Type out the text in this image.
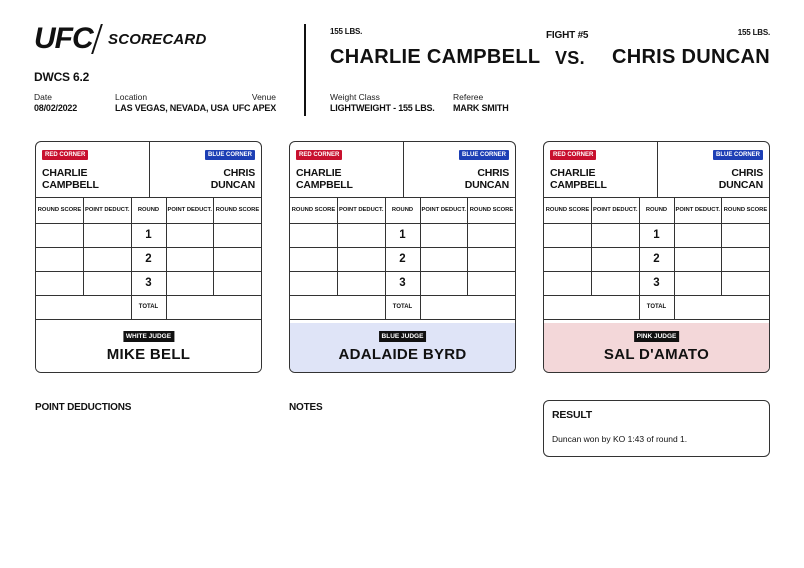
UFC SCORECARD
DWCS 6.2
Date
08/02/2022
Location
LAS VEGAS, NEVADA, USA
Venue
UFC APEX
155 LBS.
CHARLIE CAMPBELL
Weight Class
LIGHTWEIGHT - 155 LBS.
Referee
MARK SMITH
FIGHT #5	155 LBS.
VS.	CHRIS DUNCAN
RED CORNER
CHARLIE
CAMPBELL
BLUE CORNER
CHRIS
DUNCAN
ROUND SCORE	POINT DEDUCT.	ROUND	POINT DEDUCT.	ROUND SCORE
		1		
		2		
		3		
		TOTAL		
WHITE JUDGE
MIKE BELL
RED CORNER
CHARLIE
CAMPBELL
BLUE CORNER
CHRIS
DUNCAN
ROUND SCORE	POINT DEDUCT.	ROUND	POINT DEDUCT.	ROUND SCORE
		1		
		2		
		3		
		TOTAL		
BLUE JUDGE
ADALAIDE BYRD
RED CORNER
CHARLIE
CAMPBELL
BLUE CORNER
CHRIS
DUNCAN
ROUND SCORE	POINT DEDUCT.	ROUND	POINT DEDUCT.	ROUND SCORE
		1		
		2		
		3		
		TOTAL		
PINK JUDGE
SAL D'AMATO
POINT DEDUCTIONS	NOTES
RESULT
Duncan won by KO 1:43 of round 1.
